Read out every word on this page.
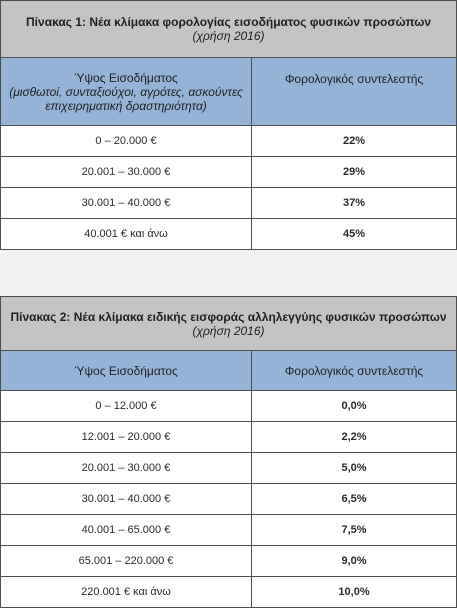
Πίνακας 1: Νέα κλίμακα φορολογίας εισοδήματος φυσικών προσώπων
(χρήση 2016)	

Ύψος Εισοδήματος
(μισθωτοί, συνταξιούχοι, αγρότες, ασκούντες επιχειρηματική δραστηριότητα)	Φορολογικός συντελεστής
0 – 20.000 €	22%
20.001 – 30.000 €	29%
30.001 – 40.000 €	37%
40.001 € και άνω	45%
Πίνακας 2: Νέα κλίμακα ειδικής εισφοράς αλληλεγγύης φυσικών προσώπων
(χρήση 2016)	

Ύψος Εισοδήματος	Φορολογικός συντελεστής
0 – 12.000 €	0,0%
12.001 – 20.000 €	2,2%
20.001 – 30.000 €	5,0%
30.001 – 40.000 €	6,5%
40.001 – 65.000 €	7,5%
65.001 – 220.000 €	9,0%
220.001 € και άνω	10,0%
